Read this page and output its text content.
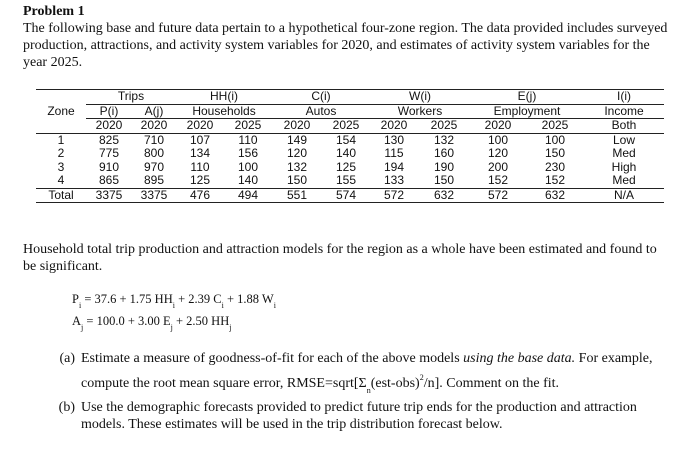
Problem 1
The following base and future data pertain to a hypothetical four-zone region. The data provided includes surveyed production, attractions, and activity system variables for 2020, and estimates of activity system variables for the year 2025.
	Trips		HH(i)		C(i)		W(i)		E(j)		I(i)
Zone	P(i)	A(j)	Households		Autos		Workers		Employment		Income
	2020	2020	2020	2025	2020	2025	2020	2025	2020	2025	Both
1	825	710	107	110	149	154	130	132	100	100	Low
2	775	800	134	156	120	140	115	160	120	150	Med
3	910	970	110	100	132	125	194	190	200	230	High
4	865	895	125	140	150	155	133	150	152	152	Med
Total	3375	3375	476	494	551	574	572	632	572	632	N/A
Household total trip production and attraction models for the region as a whole have been estimated and found to be significant.
$P_i = 37.6 + 1.75$ $HH_i + 2.39$ $C_i + 1.88$ $W_i$
$A_j = 100.0 + 3.00$ $E_j + 2.50$ $HH_j$
(a) Estimate a measure of goodness-of-fit for each of the above models using the base data. For example, compute the root mean square error, $RMSE=sqrt[\Sigma_n(est-obs)^2/n]$. Comment on the fit.
(b) Use the demographic forecasts provided to predict future trip ends for the production and attraction models. These estimates will be used in the trip distribution forecast below.
